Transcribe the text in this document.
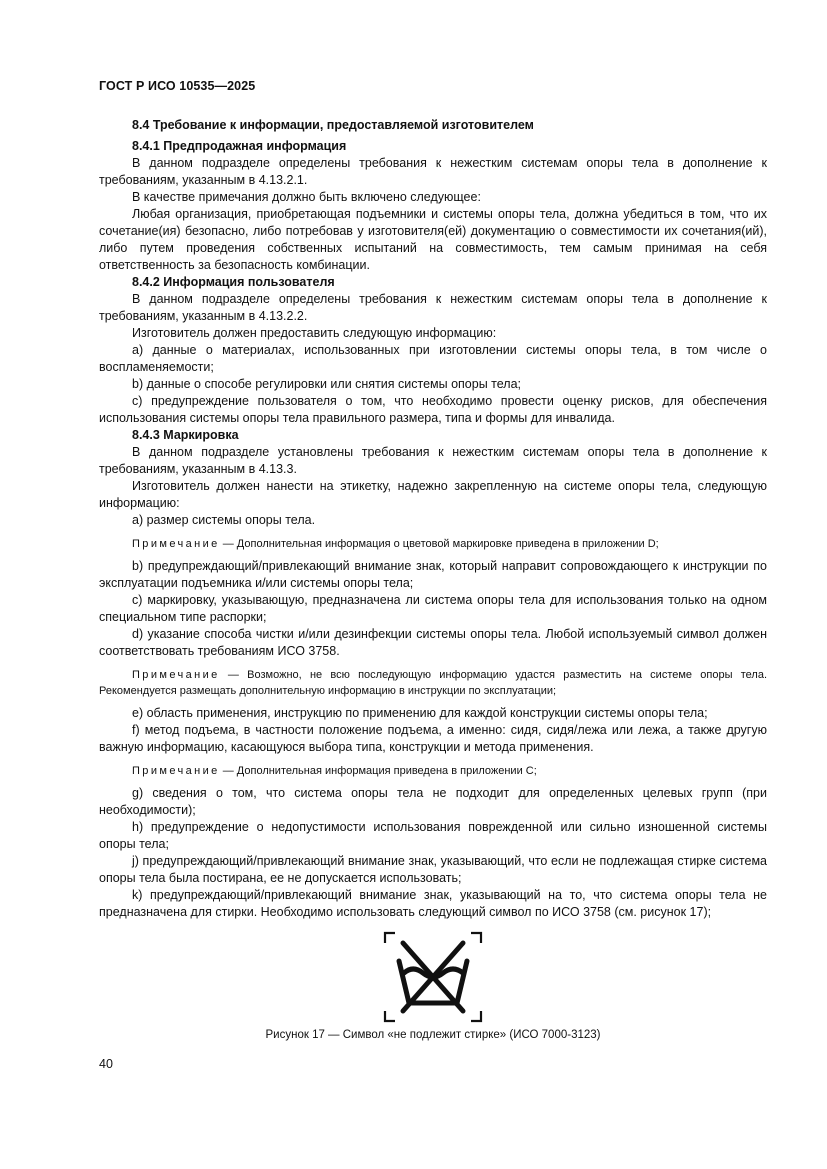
ГОСТ Р ИСО 10535—2025
8.4 Требование к информации, предоставляемой изготовителем
8.4.1 Предпродажная информация

В данном подразделе определены требования к нежестким системам опоры тела в дополнение к требованиям, указанным в 4.13.2.1.

В качестве примечания должно быть включено следующее:

Любая организация, приобретающая подъемники и системы опоры тела, должна убедиться в том, что их сочетание(ия) безопасно, либо потребовав у изготовителя(ей) документацию о совместимости их сочетания(ий), либо путем проведения собственных испытаний на совместимость, тем самым принимая на себя ответственность за безопасность комбинации.

8.4.2 Информация пользователя

В данном подразделе определены требования к нежестким системам опоры тела в дополнение к требованиям, указанным в 4.13.2.2.

Изготовитель должен предоставить следующую информацию:

a) данные о материалах, использованных при изготовлении системы опоры тела, в том числе о воспламеняемости;

b) данные о способе регулировки или снятия системы опоры тела;

c) предупреждение пользователя о том, что необходимо провести оценку рисков, для обеспечения использования системы опоры тела правильного размера, типа и формы для инвалида.

8.4.3 Маркировка

В данном подразделе установлены требования к нежестким системам опоры тела в дополнение к требованиям, указанным в 4.13.3.

Изготовитель должен нанести на этикетку, надежно закрепленную на системе опоры тела, следующую информацию:

a) размер системы опоры тела.

Примечание — Дополнительная информация о цветовой маркировке приведена в приложении D;

b) предупреждающий/привлекающий внимание знак, который направит сопровождающего к инструкции по эксплуатации подъемника и/или системы опоры тела;

c) маркировку, указывающую, предназначена ли система опоры тела для использования только на одном специальном типе распорки;

d) указание способа чистки и/или дезинфекции системы опоры тела. Любой используемый символ должен соответствовать требованиям ИСО 3758.

Примечание — Возможно, не всю последующую информацию удастся разместить на системе опоры тела. Рекомендуется размещать дополнительную информацию в инструкции по эксплуатации;

e) область применения, инструкцию по применению для каждой конструкции системы опоры тела;

f) метод подъема, в частности положение подъема, а именно: сидя, сидя/лежа или лежа, а также другую важную информацию, касающуюся выбора типа, конструкции и метода применения.

Примечание — Дополнительная информация приведена в приложении С;

g) сведения о том, что система опоры тела не подходит для определенных целевых групп (при необходимости);

h) предупреждение о недопустимости использования поврежденной или сильно изношенной системы опоры тела;

j) предупреждающий/привлекающий внимание знак, указывающий, что если не подлежащая стирке система опоры тела была постирана, ее не допускается использовать;

k) предупреждающий/привлекающий внимание знак, указывающий на то, что система опоры тела не предназначена для стирки. Необходимо использовать следующий символ по ИСО 3758 (см. рисунок 17);

Рисунок 17 — Символ «не подлежит стирке» (ИСО 7000-3123)
40
